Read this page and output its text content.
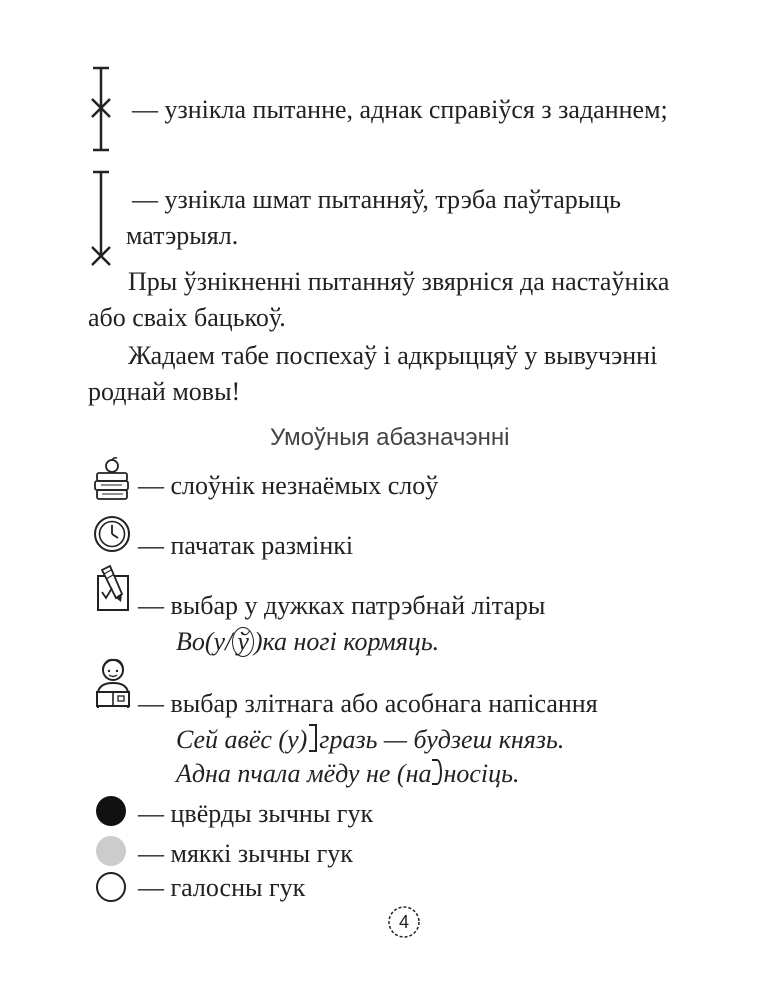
— узнікла пытанне, аднак справіўся з заданнем;
— узнікла шмат пытанняў, трэба паўтарыць
матэрыял.
Пры ўзнікненні пытанняў звярніся да настаўніка
або сваіх бацькоў.
Жадаем табе поспехаў і адкрыццяў у вывучэнні
роднай мовы!
Умоўныя абазначэнні
— слоўнік незнаёмых слоў
— пачатак размінкі
— выбар у дужках патрэбнай літары
Во(у/ ў )ка ногі кормяць.
— выбар злітнага або асобнага напісання
Сей авёс (у) гразь — будзеш князь.
Адна пчала мёду не (на носіць.
— цвёрды зычны гук
— мяккі зычны гук
— галосны гук
4
